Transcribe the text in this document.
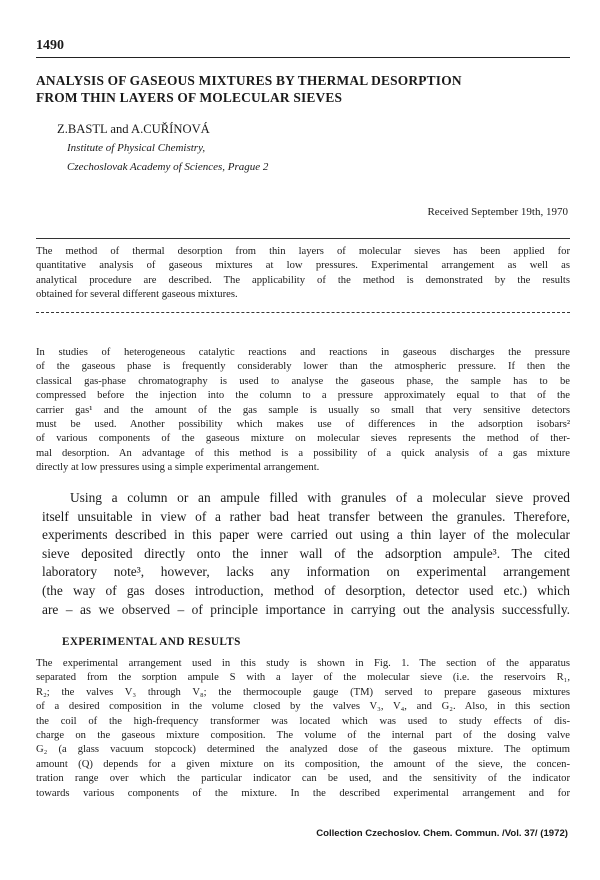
1490
ANALYSIS OF GASEOUS MIXTURES BY THERMAL DESORPTION
FROM THIN LAYERS OF MOLECULAR SIEVES
Z.BASTL and A.CUŘÍNOVÁ
Institute of Physical Chemistry,
Czechoslovak Academy of Sciences, Prague 2
Received September 19th, 1970
The method of thermal desorption from thin layers of molecular sieves has been applied for
quantitative analysis of gaseous mixtures at low pressures. Experimental arrangement as well as
analytical procedure are described. The applicability of the method is demonstrated by the results
obtained for several different gaseous mixtures.
In studies of heterogeneous catalytic reactions and reactions in gaseous discharges the pressure
of the gaseous phase is frequently considerably lower than the atmospheric pressure. If then the
classical gas-phase chromatography is used to analyse the gaseous phase, the sample has to be
compressed before the injection into the column to a pressure approximately equal to that of the
carrier gas¹ and the amount of the gas sample is usually so small that very sensitive detectors
must be used. Another possibility which makes use of differences in the adsorption isobars²
of various components of the gaseous mixture on molecular sieves represents the method of ther-
mal desorption. An advantage of this method is a possibility of a quick analysis of a gas mixture
directly at low pressures using a simple experimental arrangement.
Using a column or an ampule filled with granules of a molecular sieve proved
itself unsuitable in view of a rather bad heat transfer between the granules. Therefore,
experiments described in this paper were carried out using a thin layer of the molecular
sieve deposited directly onto the inner wall of the adsorption ampule³. The cited
laboratory note³, however, lacks any information on experimental arrangement
(the way of gas doses introduction, method of desorption, detector used etc.) which
are – as we observed – of principle importance in carrying out the analysis successfully.
EXPERIMENTAL AND RESULTS
The experimental arrangement used in this study is shown in Fig. 1. The section of the apparatus
separated from the sorption ampule S with a layer of the molecular sieve (i.e. the reservoirs R₁,
R₂; the valves V₃ through V₈; the thermocouple gauge (TM) served to prepare gaseous mixtures
of a desired composition in the volume closed by the valves V₃, V₄, and G₂. Also, in this section
the coil of the high-frequency transformer was located which was used to study effects of dis-
charge on the gaseous mixture composition. The volume of the internal part of the dosing valve
G₂ (a glass vacuum stopcock) determined the analyzed dose of the gaseous mixture. The optimum
amount (Q) depends for a given mixture on its composition, the amount of the sieve, the concen-
tration range over which the particular indicator can be used, and the sensitivity of the indicator
towards various components of the mixture. In the described experimental arrangement and for
Collection Czechoslov. Chem. Commun. /Vol. 37/ (1972)
